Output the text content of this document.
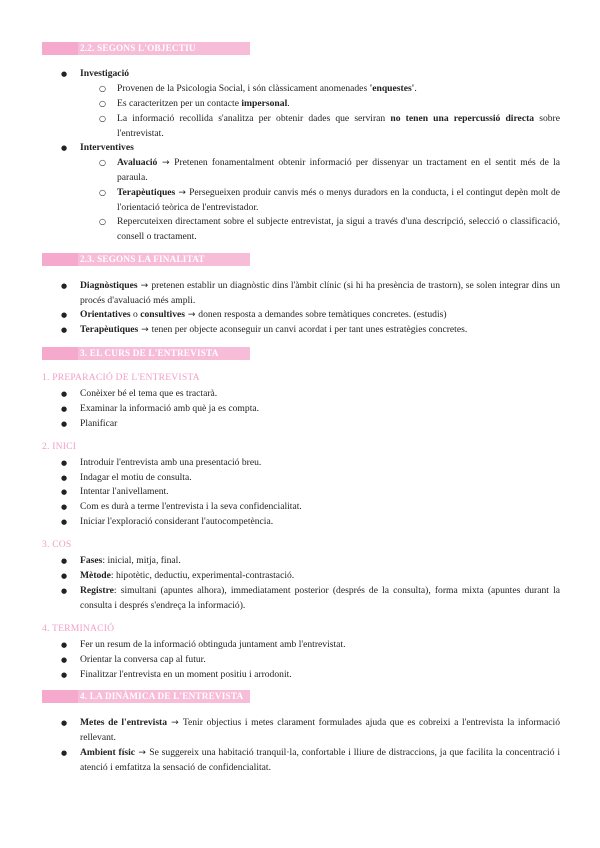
2.2. SEGONS L'OBJECTIU
● Investigació
○ Provenen de la Psicologia Social, i són clàssicament anomenades 'enquestes'.
○ Es caracteritzen per un contacte impersonal.
○ La informació recollida s'analitza per obtenir dades que serviran no tenen una repercussió directa sobre l'entrevistat.
● Interventives
○ Avaluació → Pretenen fonamentalment obtenir informació per dissenyar un tractament en el sentit més de la paraula.
○ Terapèutiques → Persegueixen produir canvis més o menys duradors en la conducta, i el contingut depèn molt de l'orientació teòrica de l'entrevistador.
○ Repercuteixen directament sobre el subjecte entrevistat, ja sigui a través d'una descripció, selecció o classificació, consell o tractament.
2.3. SEGONS LA FINALITAT
● Diagnòstiques → pretenen establir un diagnòstic dins l'àmbit clínic (si hi ha presència de trastorn), se solen integrar dins un procés d'avaluació més ampli.
● Orientatives o consultives → donen resposta a demandes sobre temàtiques concretes. (estudis)
● Terapèutiques → tenen per objecte aconseguir un canvi acordat i per tant unes estratègies concretes.
3. EL CURS DE L'ENTREVISTA
1. PREPARACIÓ DE L'ENTREVISTA
● Conèixer bé el tema que es tractarà.
● Examinar la informació amb què ja es compta.
● Planificar
2. INICI
● Introduir l'entrevista amb una presentació breu.
● Indagar el motiu de consulta.
● Intentar l'anivellament.
● Com es durà a terme l'entrevista i la seva confidencialitat.
● Iniciar l'exploració considerant l'autocompetència.
3. COS
● Fases: inicial, mitja, final.
● Mètode: hipotètic, deductiu, experimental-contrastació.
● Registre: simultani (apuntes alhora), immediatament posterior (després de la consulta), forma mixta (apuntes durant la consulta i després s'endreça la informació).
4. TERMINACIÓ
● Fer un resum de la informació obtinguda juntament amb l'entrevistat.
● Orientar la conversa cap al futur.
● Finalitzar l'entrevista en un moment positiu i arrodonit.
4. LA DINÀMICA DE L'ENTREVISTA
● Metes de l'entrevista → Tenir objectius i metes clarament formulades ajuda que es cobreixi a l'entrevista la informació rellevant.
● Ambient físic → Se suggereix una habitació tranquil·la, confortable i lliure de distraccions, ja que facilita la concentració i atenció i emfatitza la sensació de confidencialitat.
